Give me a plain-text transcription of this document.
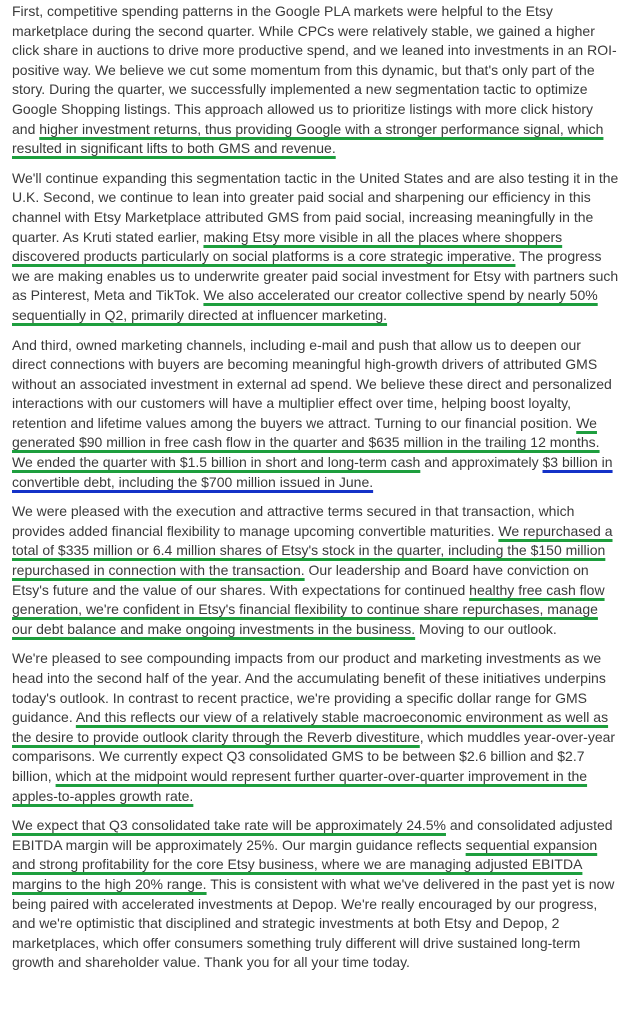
First, competitive spending patterns in the Google PLA markets were helpful to the Etsy marketplace during the second quarter. While CPCs were relatively stable, we gained a higher click share in auctions to drive more productive spend, and we leaned into investments in an ROI-positive way. We believe we cut some momentum from this dynamic, but that's only part of the story. During the quarter, we successfully implemented a new segmentation tactic to optimize Google Shopping listings. This approach allowed us to prioritize listings with more click history and higher investment returns, thus providing Google with a stronger performance signal, which resulted in significant lifts to both GMS and revenue.

We'll continue expanding this segmentation tactic in the United States and are also testing it in the U.K. Second, we continue to lean into greater paid social and sharpening our efficiency in this channel with Etsy Marketplace attributed GMS from paid social, increasing meaningfully in the quarter. As Kruti stated earlier, making Etsy more visible in all the places where shoppers discovered products particularly on social platforms is a core strategic imperative. The progress we are making enables us to underwrite greater paid social investment for Etsy with partners such as Pinterest, Meta and TikTok. We also accelerated our creator collective spend by nearly 50% sequentially in Q2, primarily directed at influencer marketing.

And third, owned marketing channels, including e-mail and push that allow us to deepen our direct connections with buyers are becoming meaningful high-growth drivers of attributed GMS without an associated investment in external ad spend. We believe these direct and personalized interactions with our customers will have a multiplier effect over time, helping boost loyalty, retention and lifetime values among the buyers we attract. Turning to our financial position. We generated $90 million in free cash flow in the quarter and $635 million in the trailing 12 months. We ended the quarter with $1.5 billion in short and long-term cash and approximately $3 billion in convertible debt, including the $700 million issued in June.

We were pleased with the execution and attractive terms secured in that transaction, which provides added financial flexibility to manage upcoming convertible maturities. We repurchased a total of $335 million or 6.4 million shares of Etsy's stock in the quarter, including the $150 million repurchased in connection with the transaction. Our leadership and Board have conviction on Etsy's future and the value of our shares. With expectations for continued healthy free cash flow generation, we're confident in Etsy's financial flexibility to continue share repurchases, manage our debt balance and make ongoing investments in the business. Moving to our outlook.

We're pleased to see compounding impacts from our product and marketing investments as we head into the second half of the year. And the accumulating benefit of these initiatives underpins today's outlook. In contrast to recent practice, we're providing a specific dollar range for GMS guidance. And this reflects our view of a relatively stable macroeconomic environment as well as the desire to provide outlook clarity through the Reverb divestiture, which muddles year-over-year comparisons. We currently expect Q3 consolidated GMS to be between $2.6 billion and $2.7 billion, which at the midpoint would represent further quarter-over-quarter improvement in the apples-to-apples growth rate.

We expect that Q3 consolidated take rate will be approximately 24.5% and consolidated adjusted EBITDA margin will be approximately 25%. Our margin guidance reflects sequential expansion and strong profitability for the core Etsy business, where we are managing adjusted EBITDA margins to the high 20% range. This is consistent with what we've delivered in the past yet is now being paired with accelerated investments at Depop. We're really encouraged by our progress, and we're optimistic that disciplined and strategic investments at both Etsy and Depop, 2 marketplaces, which offer consumers something truly different will drive sustained long-term growth and shareholder value. Thank you for all your time today.
